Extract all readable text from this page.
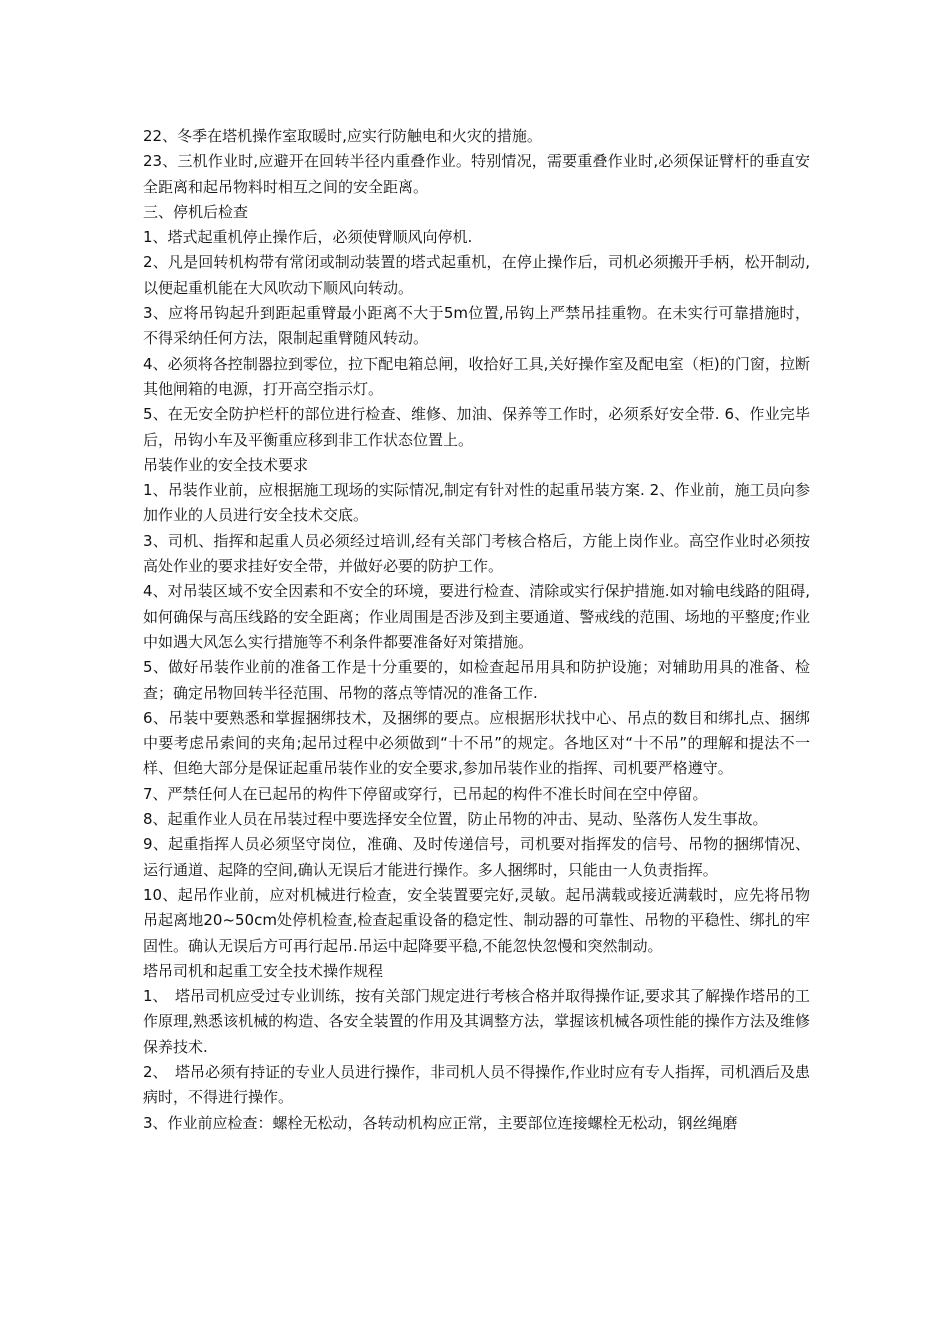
22、冬季在塔机操作室取暖时,应实行防触电和火灾的措施。

23、三机作业时,应避开在回转半径内重叠作业。特别情况，需要重叠作业时,必须保证臂杆的垂直安全距离和起吊物料时相互之间的安全距离。

三、停机后检查

1、塔式起重机停止操作后，必须使臂顺风向停机.

2、凡是回转机构带有常闭或制动装置的塔式起重机，在停止操作后，司机必须搬开手柄，松开制动,以便起重机能在大风吹动下顺风向转动。

3、应将吊钩起升到距起重臂最小距离不大于5m位置,吊钩上严禁吊挂重物。在未实行可靠措施时，不得采纳任何方法，限制起重臂随风转动。

4、必须将各控制器拉到零位，拉下配电箱总闸，收拾好工具,关好操作室及配电室（柜)的门窗，拉断其他闸箱的电源，打开高空指示灯。

5、在无安全防护栏杆的部位进行检查、维修、加油、保养等工作时，必须系好安全带. 6、作业完毕后，吊钩小车及平衡重应移到非工作状态位置上。

吊装作业的安全技术要求

1、吊装作业前，应根据施工现场的实际情况,制定有针对性的起重吊装方案. 2、作业前，施工员向参加作业的人员进行安全技术交底。

3、司机、指挥和起重人员必须经过培训,经有关部门考核合格后，方能上岗作业。高空作业时必须按高处作业的要求挂好安全带，并做好必要的防护工作。

4、对吊装区域不安全因素和不安全的环境，要进行检查、清除或实行保护措施.如对输电线路的阻碍,如何确保与高压线路的安全距离；作业周围是否涉及到主要通道、警戒线的范围、场地的平整度;作业中如遇大风怎么实行措施等不利条件都要准备好对策措施。

5、做好吊装作业前的准备工作是十分重要的，如检查起吊用具和防护设施；对辅助用具的准备、检查；确定吊物回转半径范围、吊物的落点等情况的准备工作.

6、吊装中要熟悉和掌握捆绑技术，及捆绑的要点。应根据形状找中心、吊点的数目和绑扎点、捆绑中要考虑吊索间的夹角;起吊过程中必须做到“十不吊”的规定。各地区对“十不吊”的理解和提法不一样、但绝大部分是保证起重吊装作业的安全要求,参加吊装作业的指挥、司机要严格遵守。

7、严禁任何人在已起吊的构件下停留或穿行，已吊起的构件不准长时间在空中停留。

8、起重作业人员在吊装过程中要选择安全位置，防止吊物的冲击、晃动、坠落伤人发生事故。

9、起重指挥人员必须坚守岗位，准确、及时传递信号，司机要对指挥发的信号、吊物的捆绑情况、运行通道、起降的空间,确认无误后才能进行操作。多人捆绑时，只能由一人负责指挥。

10、起吊作业前，应对机械进行检查，安全装置要完好,灵敏。起吊满载或接近满载时，应先将吊物吊起离地20~50cm处停机检查,检查起重设备的稳定性、制动器的可靠性、吊物的平稳性、绑扎的牢固性。确认无误后方可再行起吊.吊运中起降要平稳,不能忽快忽慢和突然制动。

塔吊司机和起重工安全技术操作规程

1、　塔吊司机应受过专业训练，按有关部门规定进行考核合格并取得操作证,要求其了解操作塔吊的工作原理,熟悉该机械的构造、各安全装置的作用及其调整方法，掌握该机械各项性能的操作方法及维修保养技术.

2、　塔吊必须有持证的专业人员进行操作，非司机人员不得操作,作业时应有专人指挥，司机酒后及患病时，不得进行操作。

3、作业前应检查：螺栓无松动，各转动机构应正常，主要部位连接螺栓无松动，钢丝绳磨
